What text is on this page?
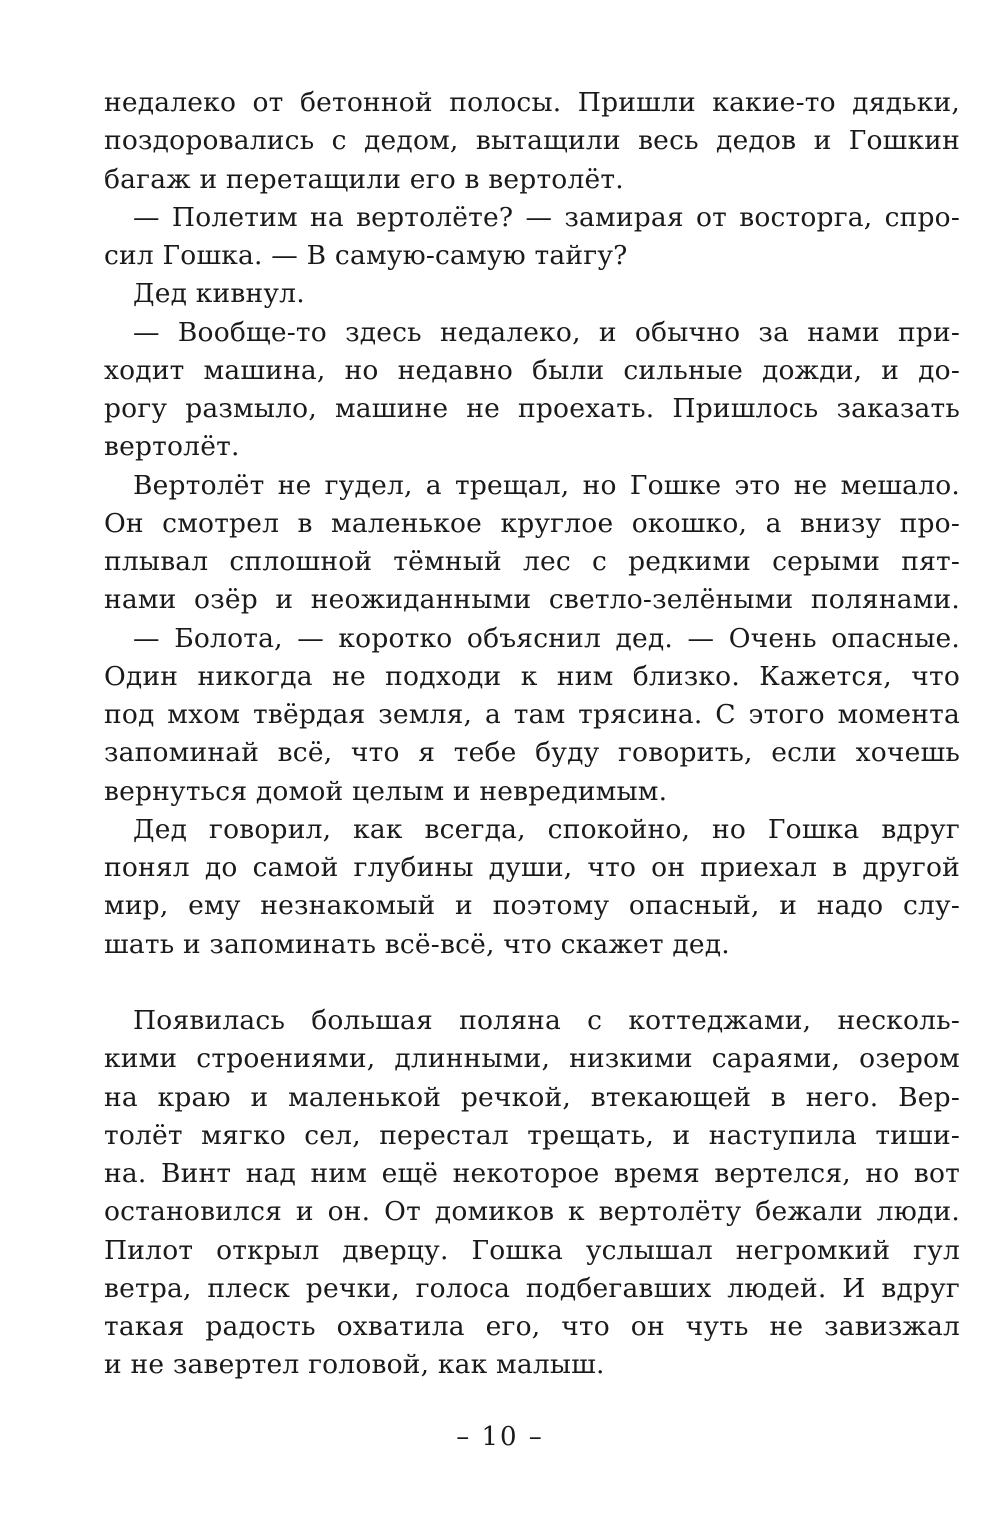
недалеко от бетонной полосы. Пришли какие-то дядьки,
поздоровались с дедом, вытащили весь дедов и Гошкин
багаж и перетащили его в вертолёт.
— Полетим на вертолёте? — замирая от восторга, спро-
сил Гошка. — В самую-самую тайгу?
Дед кивнул.
— Вообще-то здесь недалеко, и обычно за нами при-
ходит машина, но недавно были сильные дожди, и до-
рогу размыло, машине не проехать. Пришлось заказать
вертолёт.
Вертолёт не гудел, а трещал, но Гошке это не мешало.
Он смотрел в маленькое круглое окошко, а внизу про-
плывал сплошной тёмный лес с редкими серыми пят-
нами озёр и неожиданными светло-зелёными полянами.
— Болота, — коротко объяснил дед. — Очень опасные.
Один никогда не подходи к ним близко. Кажется, что
под мхом твёрдая земля, а там трясина. С этого момента
запоминай всё, что я тебе буду говорить, если хочешь
вернуться домой целым и невредимым.
Дед говорил, как всегда, спокойно, но Гошка вдруг
понял до самой глубины души, что он приехал в другой
мир, ему незнакомый и поэтому опасный, и надо слу-
шать и запоминать всё-всё, что скажет дед.
Появилась большая поляна с коттеджами, несколь-
кими строениями, длинными, низкими сараями, озером
на краю и маленькой речкой, втекающей в него. Вер-
толёт мягко сел, перестал трещать, и наступила тиши-
на. Винт над ним ещё некоторое время вертелся, но вот
остановился и он. От домиков к вертолёту бежали люди.
Пилот открыл дверцу. Гошка услышал негромкий гул
ветра, плеск речки, голоса подбегавших людей. И вдруг
такая радость охватила его, что он чуть не завизжал
и не завертел головой, как малыш.
– 10 –
